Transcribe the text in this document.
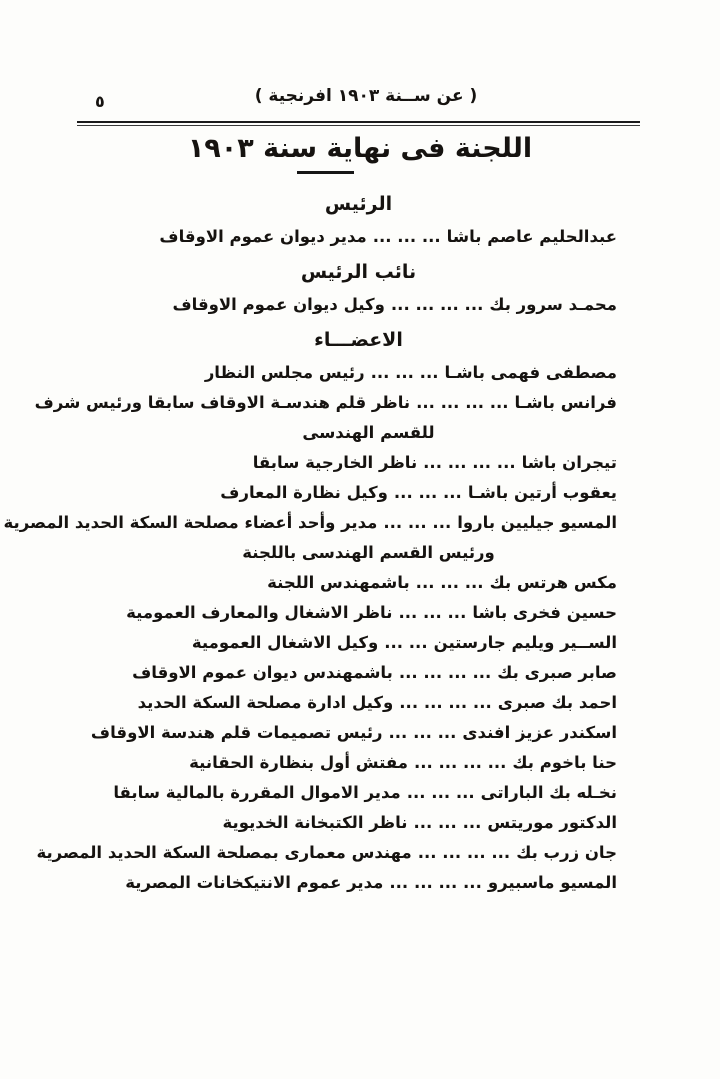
٥	( عن ســنة ١٩٠٣ افرنجية )
اللجنة فى نهاية سنة ١٩٠٣
الرئيس
عبدالحليم عاصم باشا... ... ...مدير ديوان عموم الاوقاف
نائب الرئيس
محمـد سرور بك... ... ... ...وكيل ديوان عموم الاوقاف
الاعضـــاء
مصطفى فهمى باشـا... ... ...رئيس مجلس النظار
فرانس باشـا... ... ... ...ناظر قلم هندسـة الاوقاف سابقا ورئيس شرف
للقسم الهندسى
تيجران باشا... ... ... ...ناظر الخارجية سابقا
يعقوب أرتين باشـا... ... ...وكيل نظارة المعارف
المسيو جيليين باروا... ... ...مدير وأحد أعضاء مصلحة السكة الحديد المصرية
ورئيس القسم الهندسى باللجنة
مكس هرتس بك... ... ...باشمهندس اللجنة
حسين فخرى باشا... ... ...ناظر الاشغال والمعارف العمومية
الســير ويليم جارستين... ...وكيل الاشغال العمومية
صابر صبرى بك... ... ... ...باشمهندس ديوان عموم الاوقاف
احمد بك صبرى... ... ... ...وكيل ادارة مصلحة السكة الحديد
اسكندر عزيز افندى... ... ...رئيس تصميمات قلم هندسة الاوقاف
حنا باخوم بك... ... ... ...مفتش أول بنظارة الحقانية
نخـله بك الباراتى... ... ...مدير الاموال المقررة بالمالية سابقا
الدكتور موريتس... ... ...ناظر الكتبخانة الخديوية
جان زرب بك... ... ... ...مهندس معمارى بمصلحة السكة الحديد المصرية
المسيو ماسبيرو... ... ... ...مدير عموم الانتيكخانات المصرية
